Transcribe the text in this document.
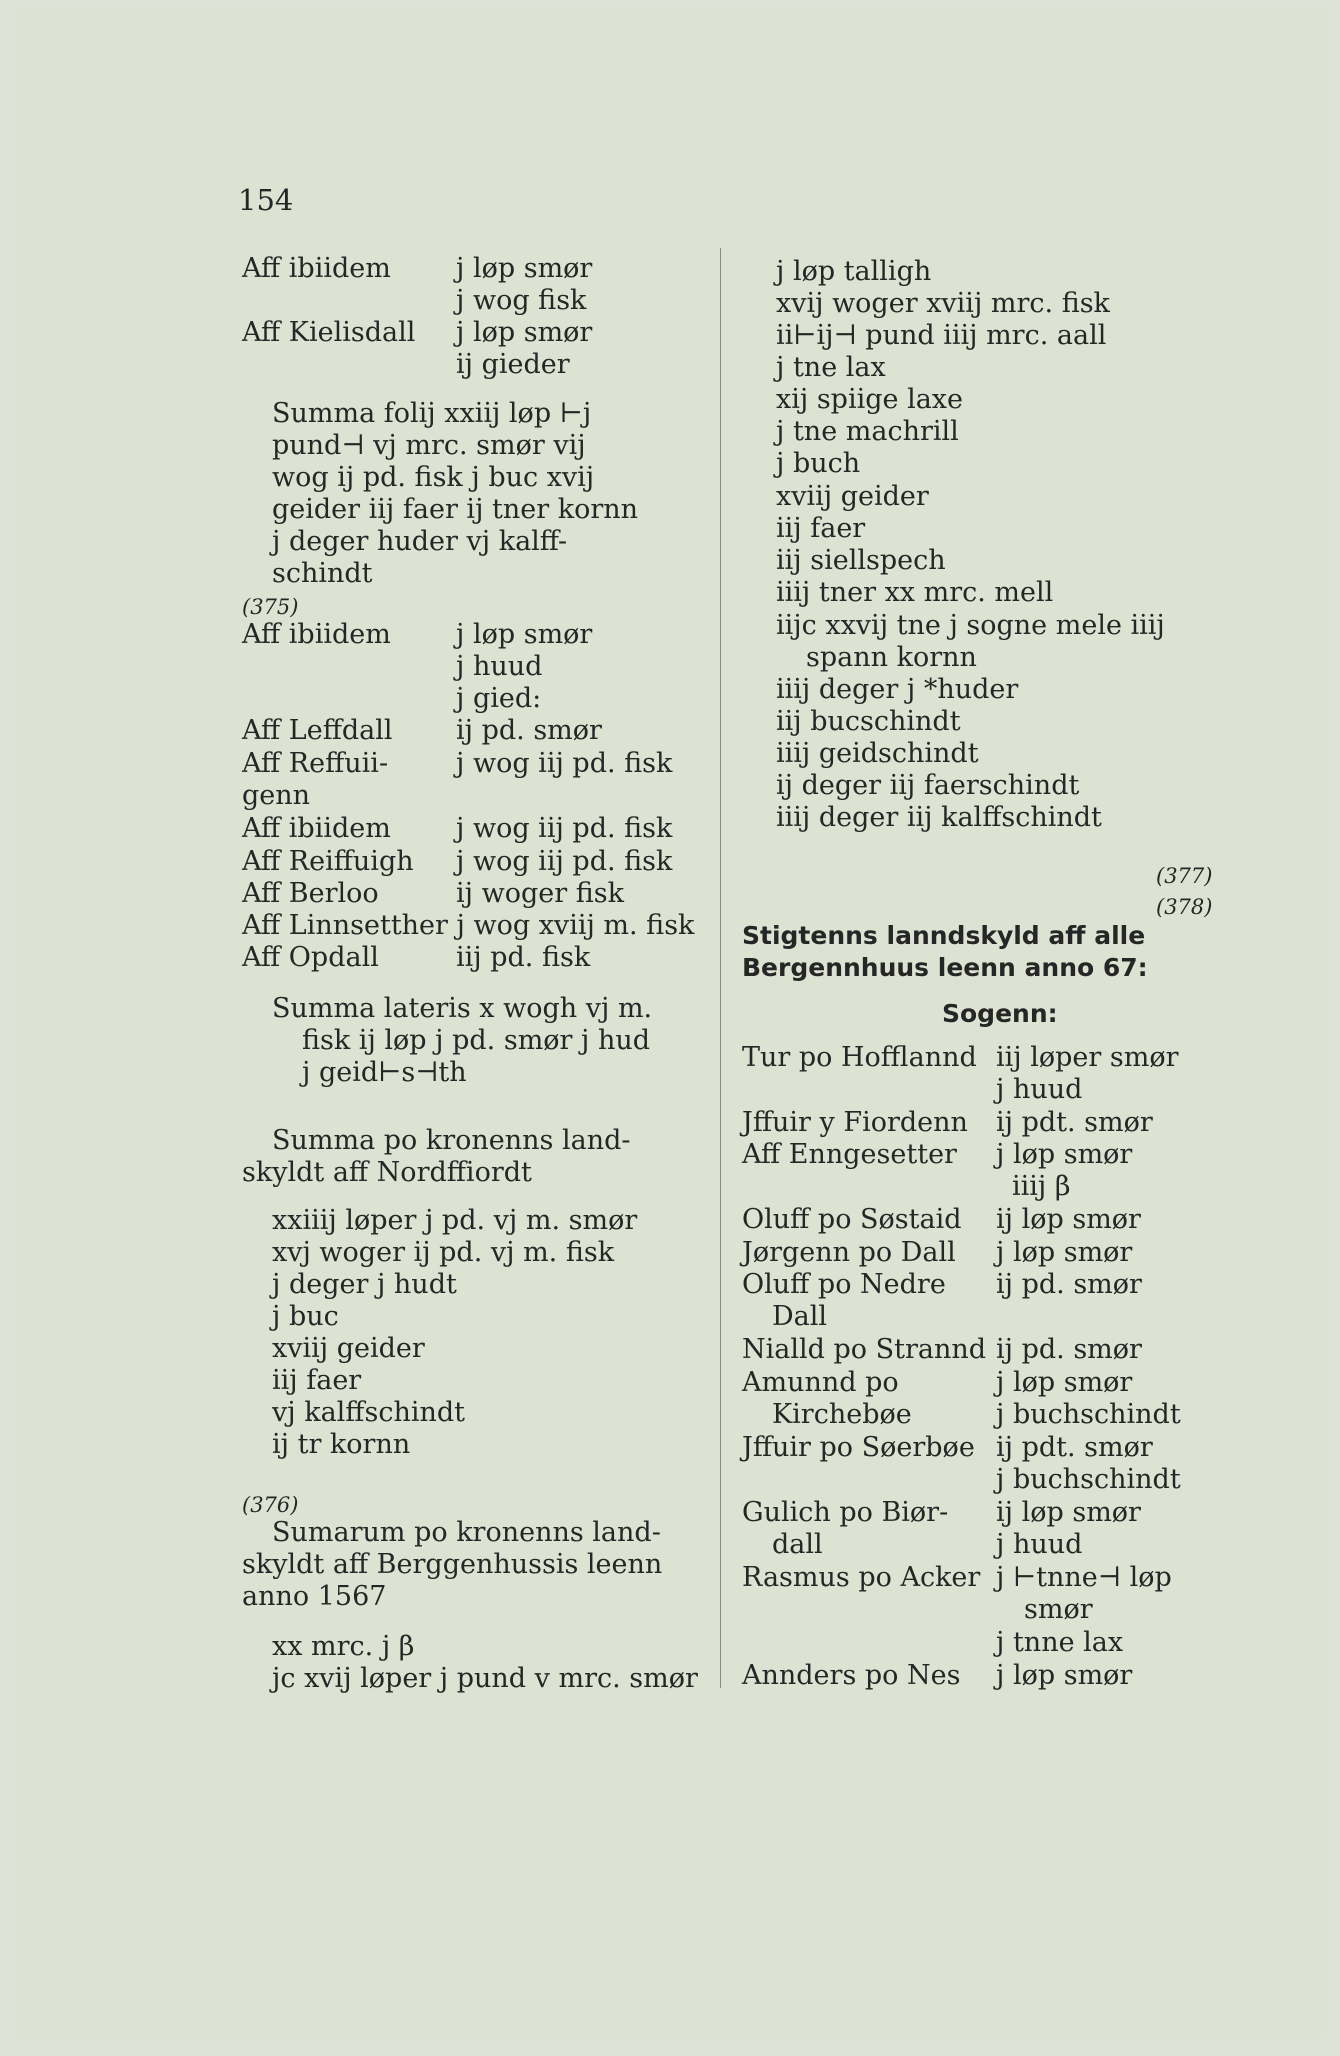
154
Aff ibiidem j løp smør
j wog fisk
Aff Kielisdall j løp smør
ij gieder
Summa folij xxiij løp ⊢j
pund⊣ vj mrc. smør vij
wog ij pd. fisk j buc xvij
geider iij faer ij tner kornn
j deger huder vj kalff-
schindt
(375)
Aff ibiidem j løp smør
j huud
j gied:
Aff Leffdall ij pd. smør
Aff Reffuii-	j wog iij pd. fisk
genn
Aff ibiidem j wog iij pd. fisk
Aff Reiffuigh j wog iij pd. fisk
Aff Berloo	ij woger fisk
Aff Linnsetther j wog xviij m. fisk
Aff Opdall	iij pd. fisk
Summa lateris x wogh vj m.
fisk ij løp j pd. smør j hud
j geid⊢s⊣th
Summa po kronenns land-
skyldt aff Nordffiordt
xxiiij løper j pd. vj m. smør
xvj woger ij pd. vj m. fisk
j deger j hudt
j buc
xviij geider
iij faer
vj kalffschindt
ij tr kornn
(376)
Sumarum po kronenns land-
skyldt aff Berggenhussis leenn
anno 1567
xx mrc. j β
jc xvij løper j pund v mrc. smør
j løp talligh
xvij woger xviij mrc. fisk
ii⊢ij⊣ pund iiij mrc. aall
j tne lax
xij spiige laxe
j tne machrill
j buch
xviij geider
iij faer
iij siellspech
iiij tner xx mrc. mell
iijc xxvij tne j sogne mele iiij
spann kornn
iiij deger j *huder
iij bucschindt
iiij geidschindt
ij deger iij faerschindt
iiij deger iij kalffschindt
(377)
(378)
Stigtenns lanndskyld aff alle
Bergennhuus leenn anno 67:
Sogenn:
Tur po Hofflannd iij løper smør
j huud
Jffuir y Fiordenn ij pdt. smør
Aff Enngesetter j løp smør
iiij β
Oluff po Søstaid ij løp smør
Jørgenn po Dall j løp smør
Oluff po Nedre ij pd. smør
Dall
Nialld po Strannd ij pd. smør
Amunnd po	j løp smør
Kirchebøe	j buchschindt
Jffuir po Søerbøe ij pdt. smør
j buchschindt
Gulich po Biør- ij løp smør
dall	j huud
Rasmus po Acker j ⊢tnne⊣ løp
smør
j tnne lax
Annders po Nes j løp smør
